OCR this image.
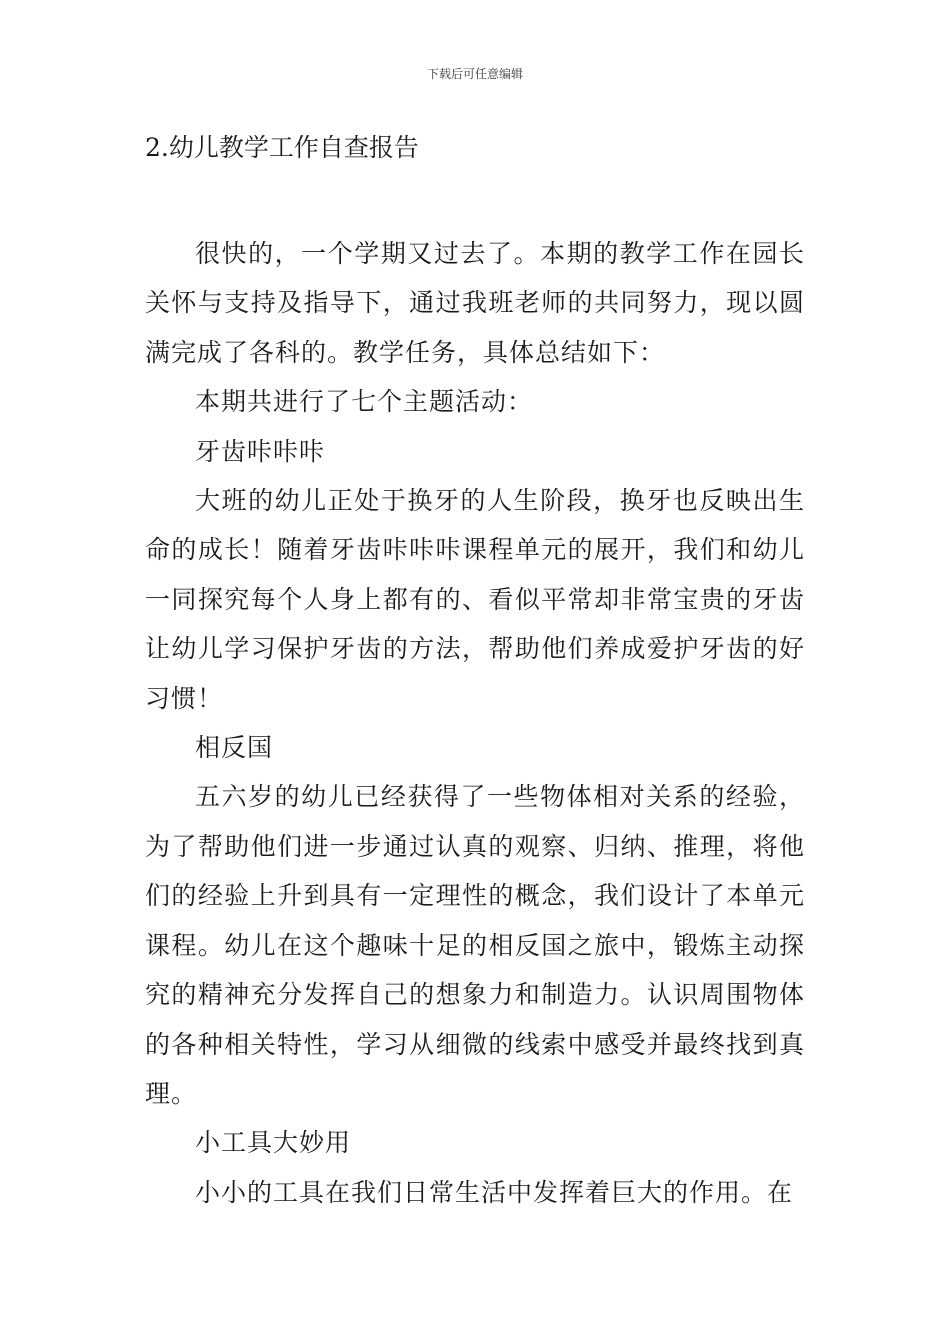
下载后可任意编辑
2.幼儿教学工作自查报告

很快的，一个学期又过去了。本期的教学工作在园长关怀与支持及指导下，通过我班老师的共同努力，现以圆满完成了各科的。教学任务，具体总结如下：

本期共进行了七个主题活动：

牙齿咔咔咔

大班的幼儿正处于换牙的人生阶段，换牙也反映出生命的成长！随着牙齿咔咔咔课程单元的展开，我们和幼儿一同探究每个人身上都有的、看似平常却非常宝贵的牙齿让幼儿学习保护牙齿的方法，帮助他们养成爱护牙齿的好习惯！

相反国

五六岁的幼儿已经获得了一些物体相对关系的经验，为了帮助他们进一步通过认真的观察、归纳、推理，将他们的经验上升到具有一定理性的概念，我们设计了本单元课程。幼儿在这个趣味十足的相反国之旅中，锻炼主动探究的精神充分发挥自己的想象力和制造力。认识周围物体的各种相关特性，学习从细微的线索中感受并最终找到真理。

小工具大妙用

小小的工具在我们日常生活中发挥着巨大的作用。在
